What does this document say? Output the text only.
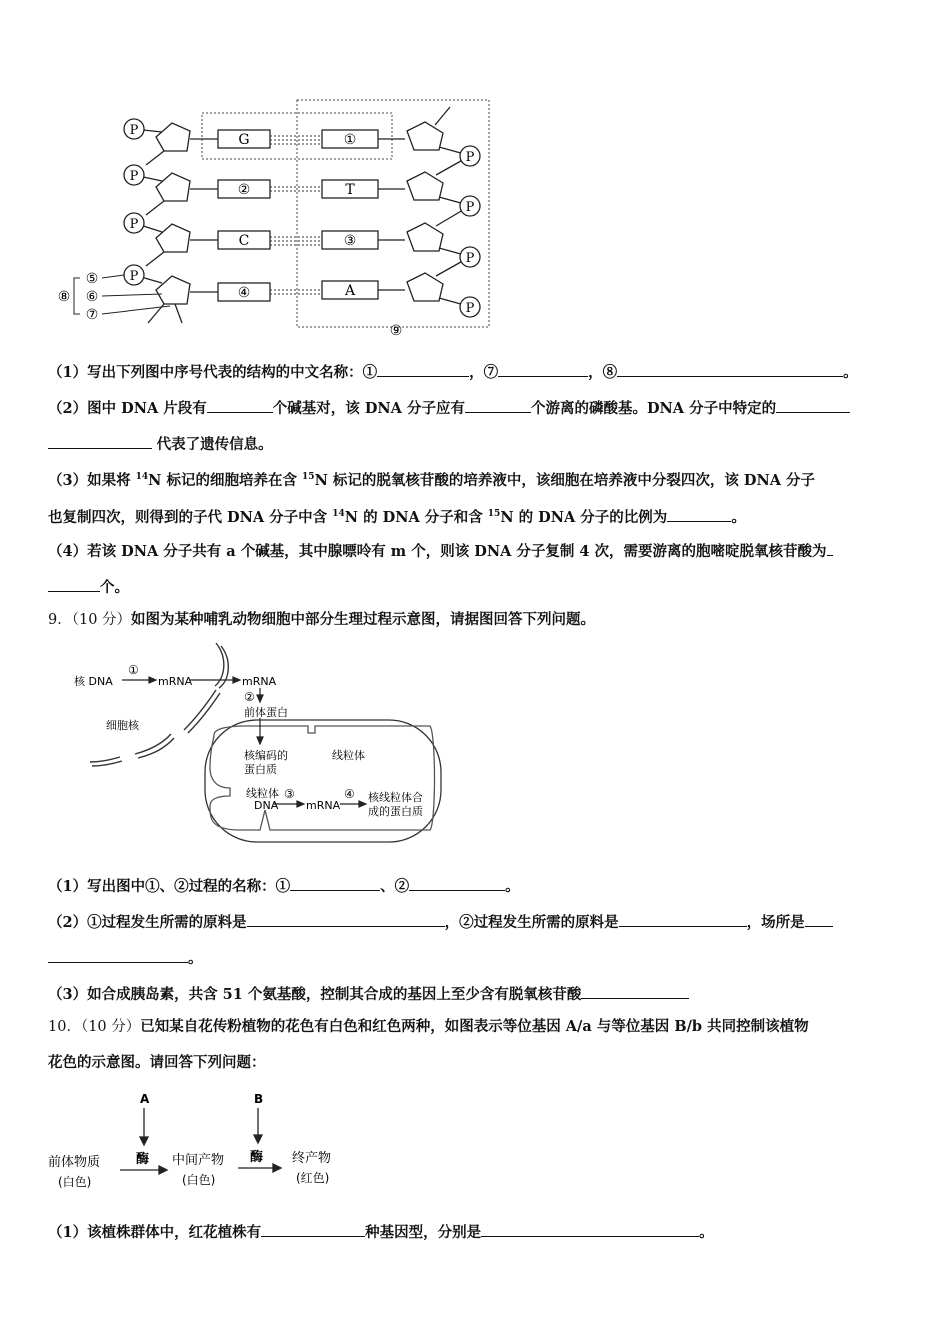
P
P
P
P
G
②
C
④
①
T
③
A
P
P
P
P
⑤
⑥
⑦
⑧
⑨
（1）写出下列图中序号代表的结构的中文名称：①	，⑦	，⑧	。
（2）图中 DNA 片段有	个碱基对，该 DNA 分子应有	个游离的磷酸基。DNA 分子中特定的
代表了遗传信息。
（3）如果将 $^{14}$N 标记的细胞培养在含 $^{15}$N 标记的脱氧核苷酸的培养液中，该细胞在培养液中分裂四次，该 DNA 分子
也复制四次，则得到的子代 DNA 分子中含 $^{14}$N 的 DNA 分子和含 $^{15}$N 的 DNA 分子的比例为	。
（4）若该 DNA 分子共有 a 个碱基，其中腺嘌呤有 m 个，则该 DNA 分子复制 4 次，需要游离的胞嘧啶脱氧核苷酸为
个。
9．（10 分）如图为某种哺乳动物细胞中部分生理过程示意图，请据图回答下列问题。
核 DNA
①
mRNA	mRNA
②
前体蛋白
细胞核
核编码的
蛋白质
线粒体
线粒体
DNA
③
mRNA
④ 核线粒体合
成的蛋白质
（1）写出图中①、②过程的名称：①	、②	。
（2）①过程发生所需的原料是	，②过程发生所需的原料是	，场所是
。
（3）如合成胰岛素，共含 51 个氨基酸，控制其合成的基因上至少含有脱氧核苷酸
10．（10 分）已知某自花传粉植物的花色有白色和红色两种，如图表示等位基因 A/a 与等位基因 B/b 共同控制该植物
花色的示意图。请回答下列问题：
A	B
酶	酶
前体物质
(白色)
中间产物
(白色)
终产物
(红色)
（1）该植株群体中，红花植株有	种基因型，分别是	。
